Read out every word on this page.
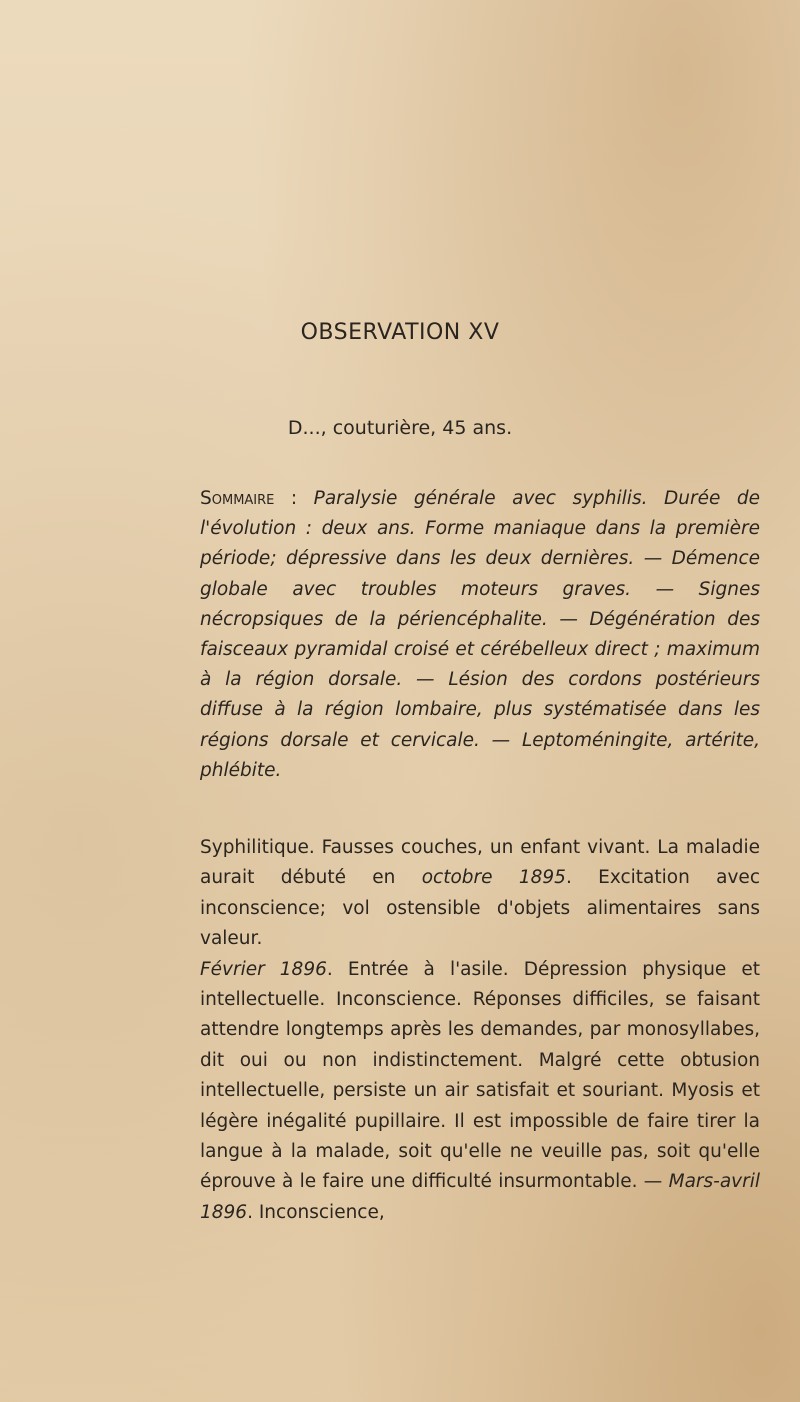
OBSERVATION XV
D..., couturière, 45 ans.
Sommaire : Paralysie générale avec syphilis. Durée de l'évolution : deux ans. Forme maniaque dans la première période; dépressive dans les deux dernières. — Démence globale avec troubles moteurs graves. — Signes nécropsiques de la périencéphalite. — Dégénération des faisceaux pyramidal croisé et cérébelleux direct ; maximum à la région dorsale. — Lésion des cordons postérieurs diffuse à la région lombaire, plus systématisée dans les régions dorsale et cervicale. — Leptoméningite, artérite, phlébite.

Syphilitique. Fausses couches, un enfant vivant. La maladie aurait débuté en octobre 1895. Excitation avec inconscience; vol ostensible d'objets alimentaires sans valeur.

Février 1896. Entrée à l'asile. Dépression physique et intellectuelle. Inconscience. Réponses difficiles, se faisant attendre longtemps après les demandes, par monosyllabes, dit oui ou non indistinctement. Malgré cette obtusion intellectuelle, persiste un air satisfait et souriant. Myosis et légère inégalité pupillaire. Il est impossible de faire tirer la langue à la malade, soit qu'elle ne veuille pas, soit qu'elle éprouve à le faire une difficulté insurmontable. — Mars-avril 1896. Inconscience,
